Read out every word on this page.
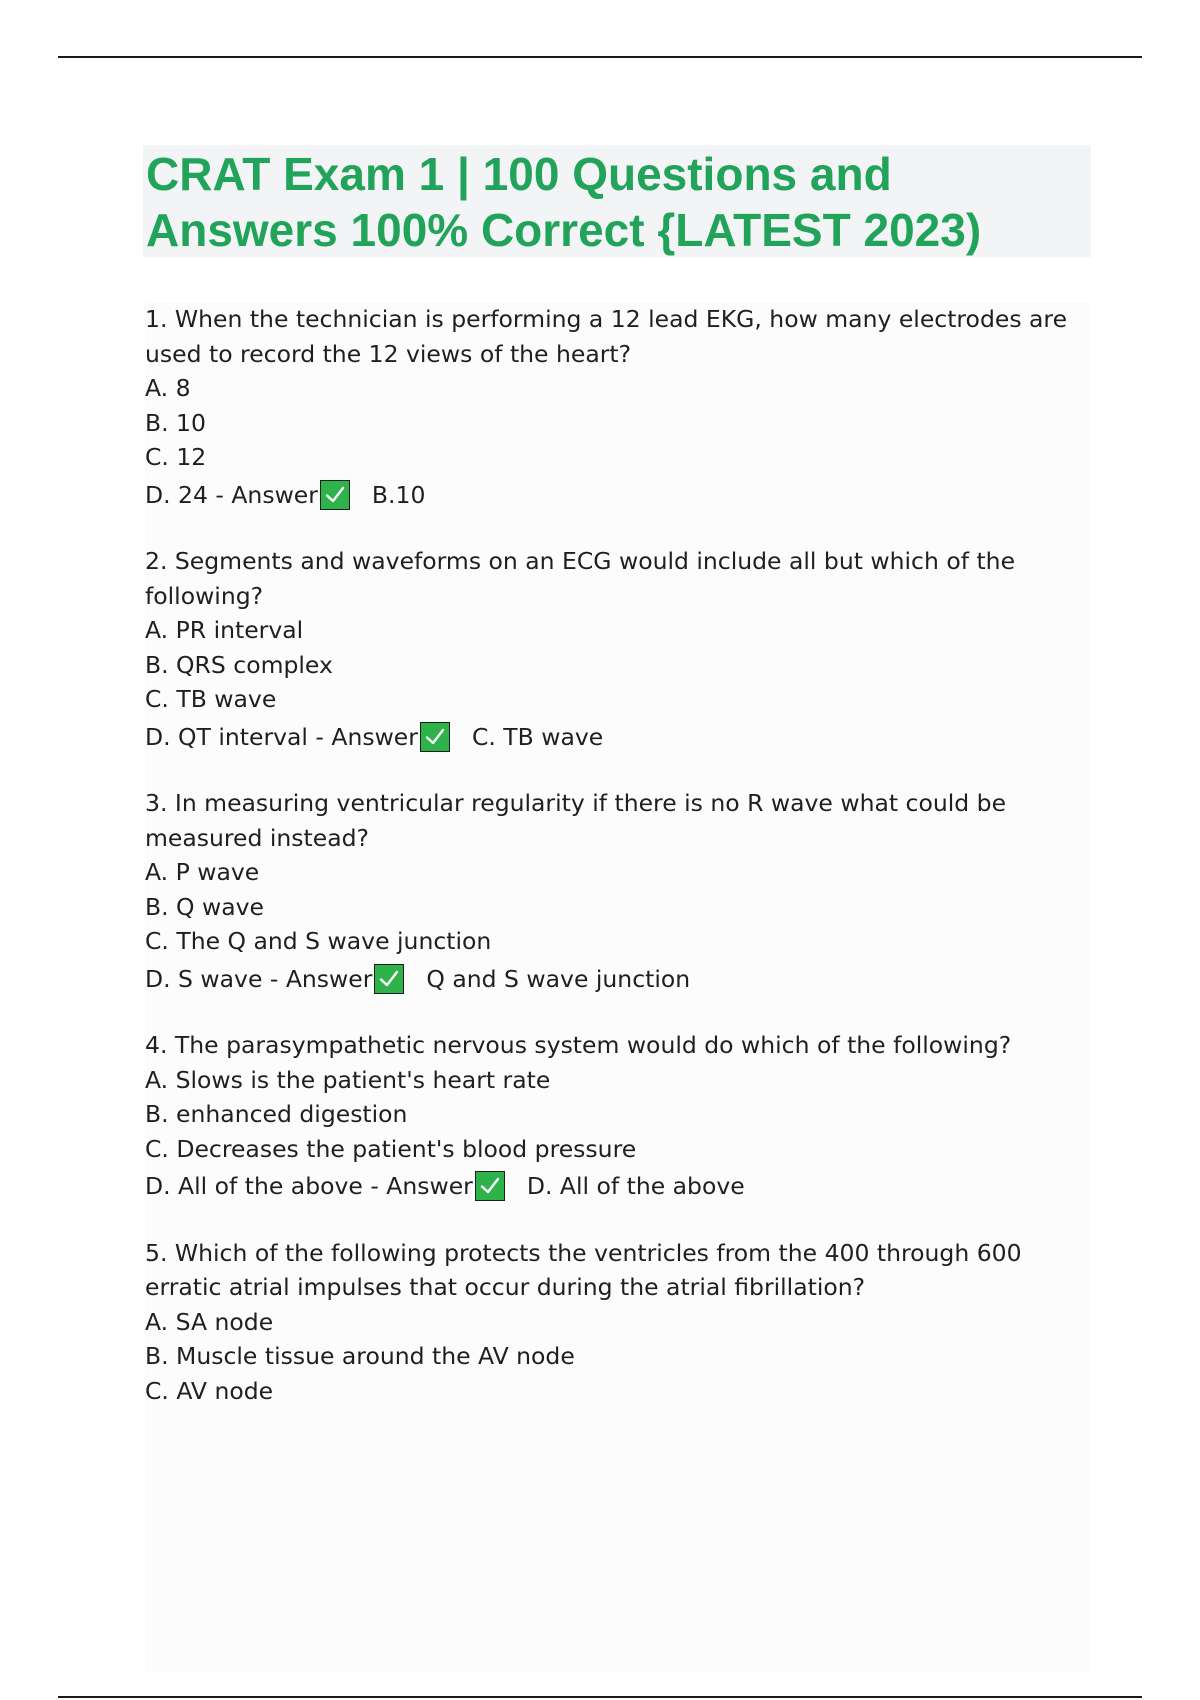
CRAT Exam 1 | 100 Questions and Answers 100% Correct {LATEST 2023)

1. When the technician is performing a 12 lead EKG, how many electrodes are used to record the 12 views of the heart?

A. 8

B. 10

C. 12

D. 24 - Answer B.10

2. Segments and waveforms on an ECG would include all but which of the following?

A. PR interval

B. QRS complex

C. TB wave

D. QT interval - Answer C. TB wave

3. In measuring ventricular regularity if there is no R wave what could be measured instead?

A. P wave

B. Q wave

C. The Q and S wave junction

D. S wave - Answer Q and S wave junction

4. The parasympathetic nervous system would do which of the following?

A. Slows is the patient's heart rate

B. enhanced digestion

C. Decreases the patient's blood pressure

D. All of the above - Answer D. All of the above

5. Which of the following protects the ventricles from the 400 through 600 erratic atrial impulses that occur during the atrial fibrillation?

A. SA node

B. Muscle tissue around the AV node

C. AV node
